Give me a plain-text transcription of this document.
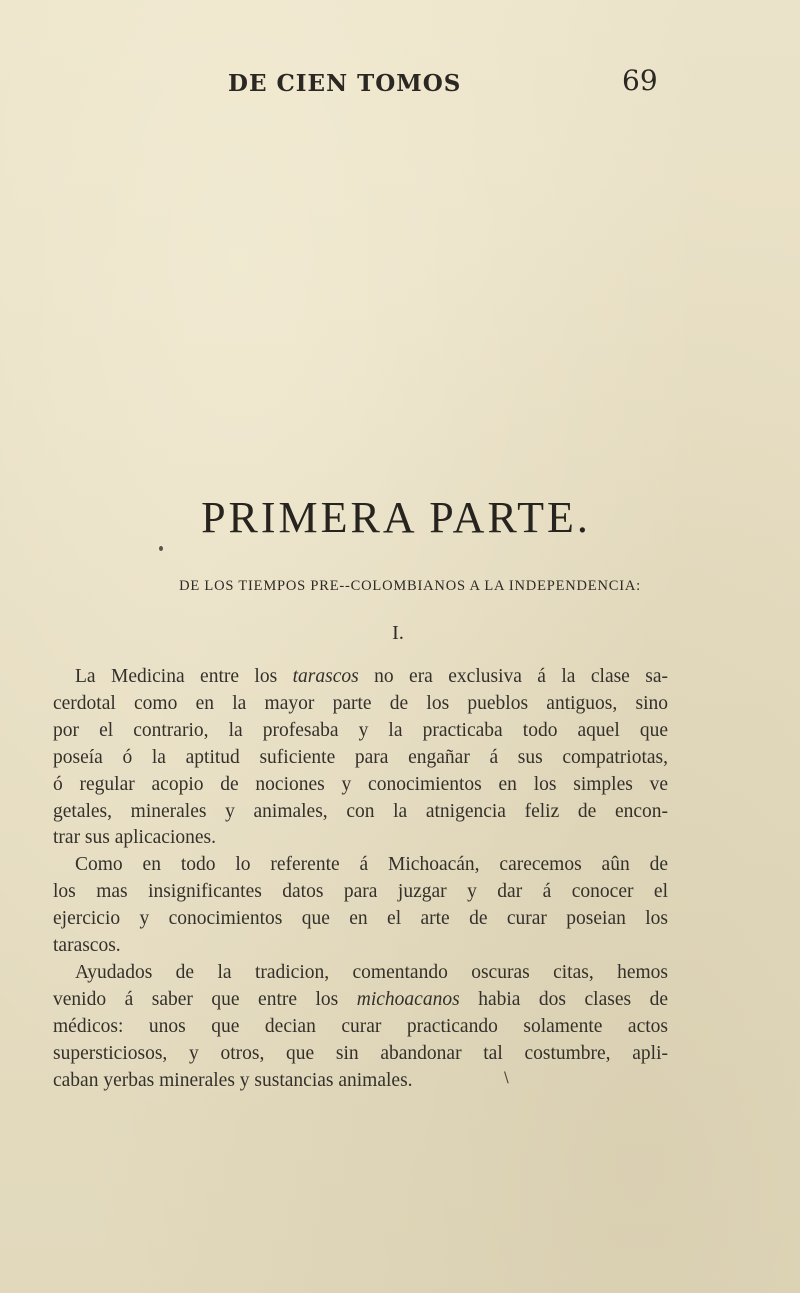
DE CIEN TOMOS	69
PRIMERA PARTE.
DE LOS TIEMPOS PRE--COLOMBIANOS A LA INDEPENDENCIA:
I.
La Medicina entre los tarascos no era exclusiva á la clase sa-
cerdotal como en la mayor parte de los pueblos antiguos, sino
por el contrario, la profesaba y la practicaba todo aquel que
poseía ó la aptitud suficiente para engañar á sus compatriotas,
ó regular acopio de nociones y conocimientos en los simples ve
getales, minerales y animales, con la atnigencia feliz de encon-
trar sus aplicaciones.
Como en todo lo referente á Michoacán, carecemos aûn de
los mas insignificantes datos para juzgar y dar á conocer el
ejercicio y conocimientos que en el arte de curar poseian los
tarascos.
Ayudados de la tradicion, comentando oscuras citas, hemos
venido á saber que entre los michoacanos habia dos clases de
médicos: unos que decian curar practicando solamente actos
supersticiosos, y otros, que sin abandonar tal costumbre, apli-
caban yerbas minerales y sustancias animales.	\
